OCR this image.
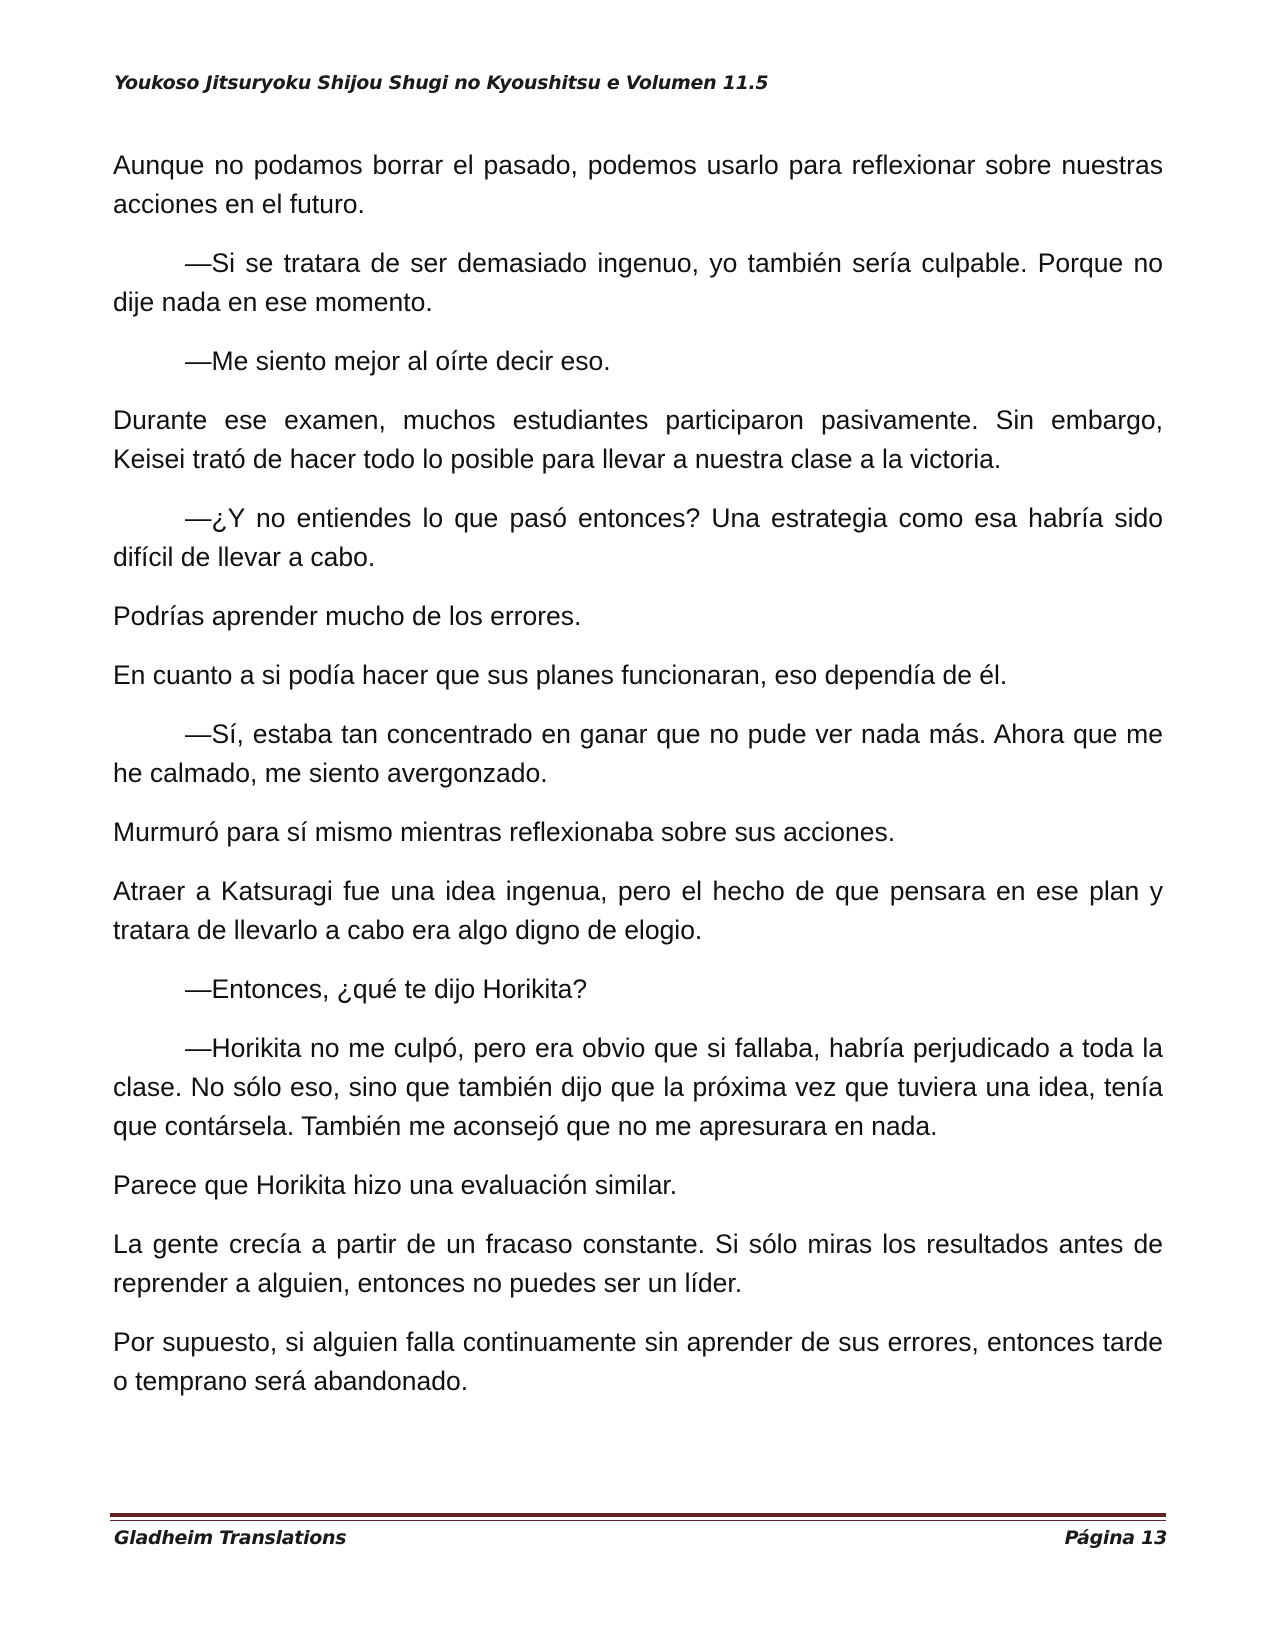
Youkoso Jitsuryoku Shijou Shugi no Kyoushitsu e Volumen 11.5

Aunque no podamos borrar el pasado, podemos usarlo para reflexionar sobre nuestras acciones en el futuro.

—Si se tratara de ser demasiado ingenuo, yo también sería culpable. Porque no dije nada en ese momento.

—Me siento mejor al oírte decir eso.

Durante ese examen, muchos estudiantes participaron pasivamente. Sin embargo, Keisei trató de hacer todo lo posible para llevar a nuestra clase a la victoria.

—¿Y no entiendes lo que pasó entonces? Una estrategia como esa habría sido difícil de llevar a cabo.

Podrías aprender mucho de los errores.

En cuanto a si podía hacer que sus planes funcionaran, eso dependía de él.

—Sí, estaba tan concentrado en ganar que no pude ver nada más. Ahora que me he calmado, me siento avergonzado.

Murmuró para sí mismo mientras reflexionaba sobre sus acciones.

Atraer a Katsuragi fue una idea ingenua, pero el hecho de que pensara en ese plan y tratara de llevarlo a cabo era algo digno de elogio.

—Entonces, ¿qué te dijo Horikita?

—Horikita no me culpó, pero era obvio que si fallaba, habría perjudicado a toda la clase. No sólo eso, sino que también dijo que la próxima vez que tuviera una idea, tenía que contársela. También me aconsejó que no me apresurara en nada.

Parece que Horikita hizo una evaluación similar.

La gente crecía a partir de un fracaso constante. Si sólo miras los resultados antes de reprender a alguien, entonces no puedes ser un líder.

Por supuesto, si alguien falla continuamente sin aprender de sus errores, entonces tarde o temprano será abandonado.

Gladheim Translations	Página 13
